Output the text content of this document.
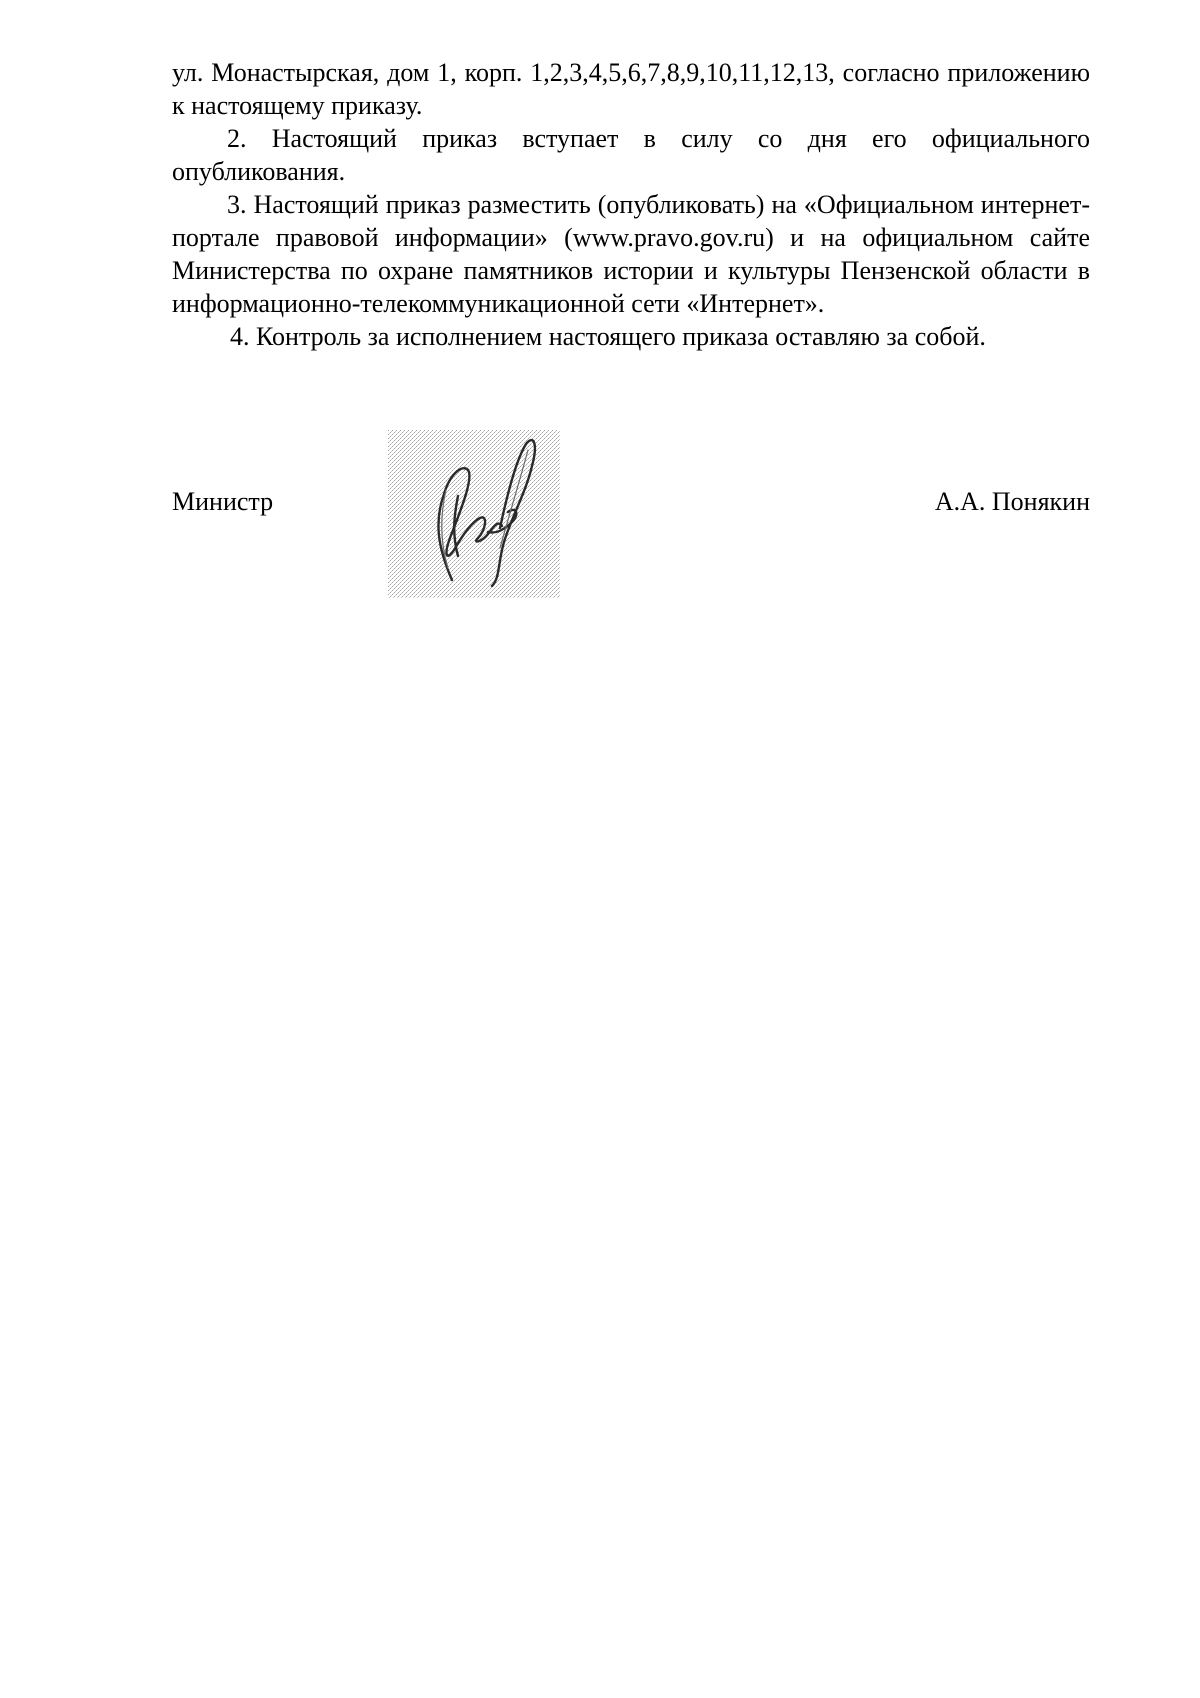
ул. Монастырская, дом 1, корп. 1,2,3,4,5,6,7,8,9,10,11,12,13, согласно приложению к настоящему приказу.

2. Настоящий приказ вступает в силу со дня его официального опубликования.

3. Настоящий приказ разместить (опубликовать) на «Официальном интернет-портале правовой информации» (www.pravo.gov.ru) и на официальном сайте Министерства по охране памятников истории и культуры Пензенской области в информационно-телекоммуникационной сети «Интернет».

4. Контроль за исполнением настоящего приказа оставляю за собой.

Министр	А.А. Понякин
